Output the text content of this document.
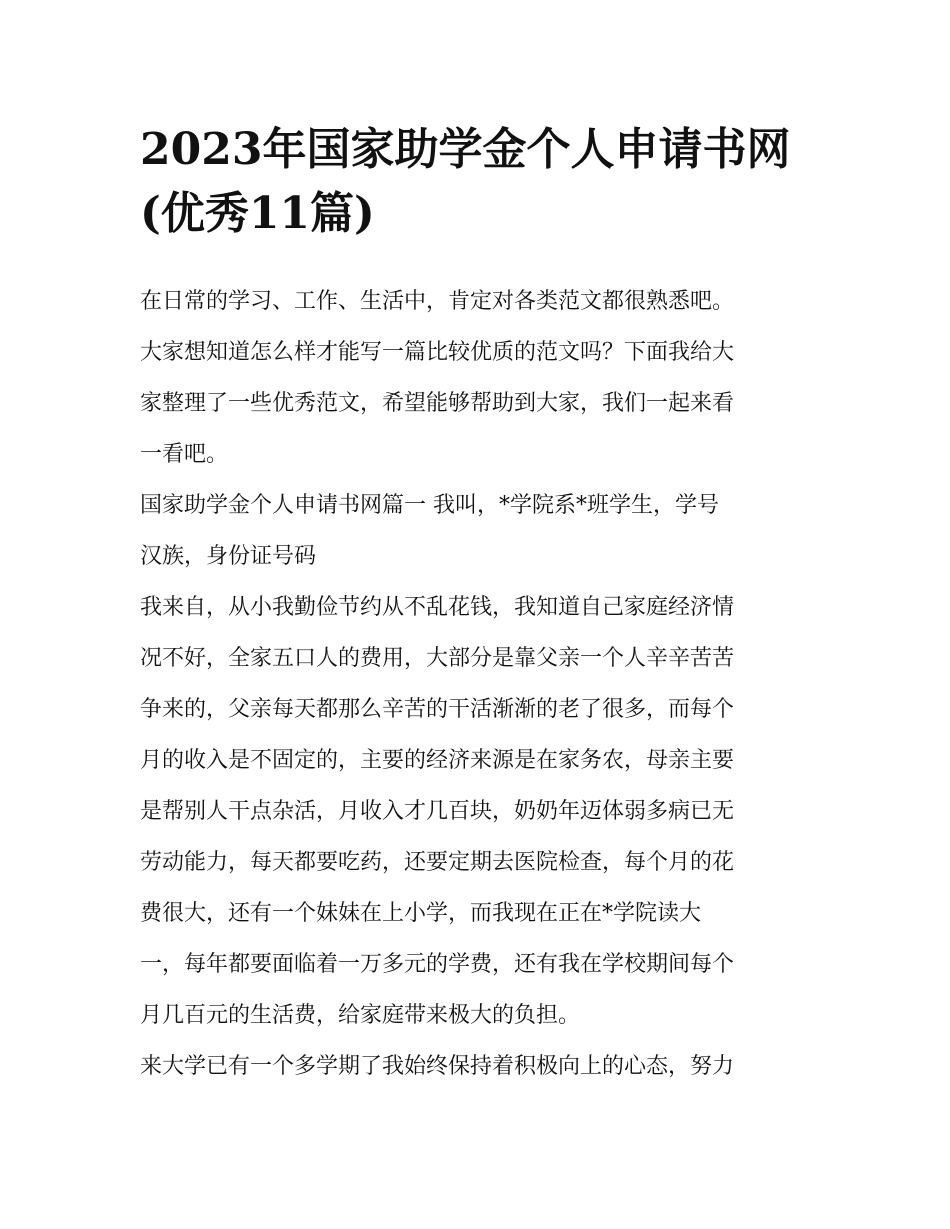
2023年国家助学金个人申请书网(优秀11篇)
在日常的学习、工作、生活中，肯定对各类范文都很熟悉吧。
大家想知道怎么样才能写一篇比较优质的范文吗？下面我给大
家整理了一些优秀范文，希望能够帮助到大家，我们一起来看
一看吧。
国家助学金个人申请书网篇一 我叫，*学院系*班学生，学号
汉族，身份证号码
我来自，从小我勤俭节约从不乱花钱，我知道自己家庭经济情
况不好，全家五口人的费用，大部分是靠父亲一个人辛辛苦苦
争来的，父亲每天都那么辛苦的干活渐渐的老了很多，而每个
月的收入是不固定的，主要的经济来源是在家务农，母亲主要
是帮别人干点杂活，月收入才几百块，奶奶年迈体弱多病已无
劳动能力，每天都要吃药，还要定期去医院检查，每个月的花
费很大，还有一个妹妹在上小学，而我现在正在*学院读大
一，每年都要面临着一万多元的学费，还有我在学校期间每个
月几百元的生活费，给家庭带来极大的负担。
来大学已有一个多学期了我始终保持着积极向上的心态，努力
